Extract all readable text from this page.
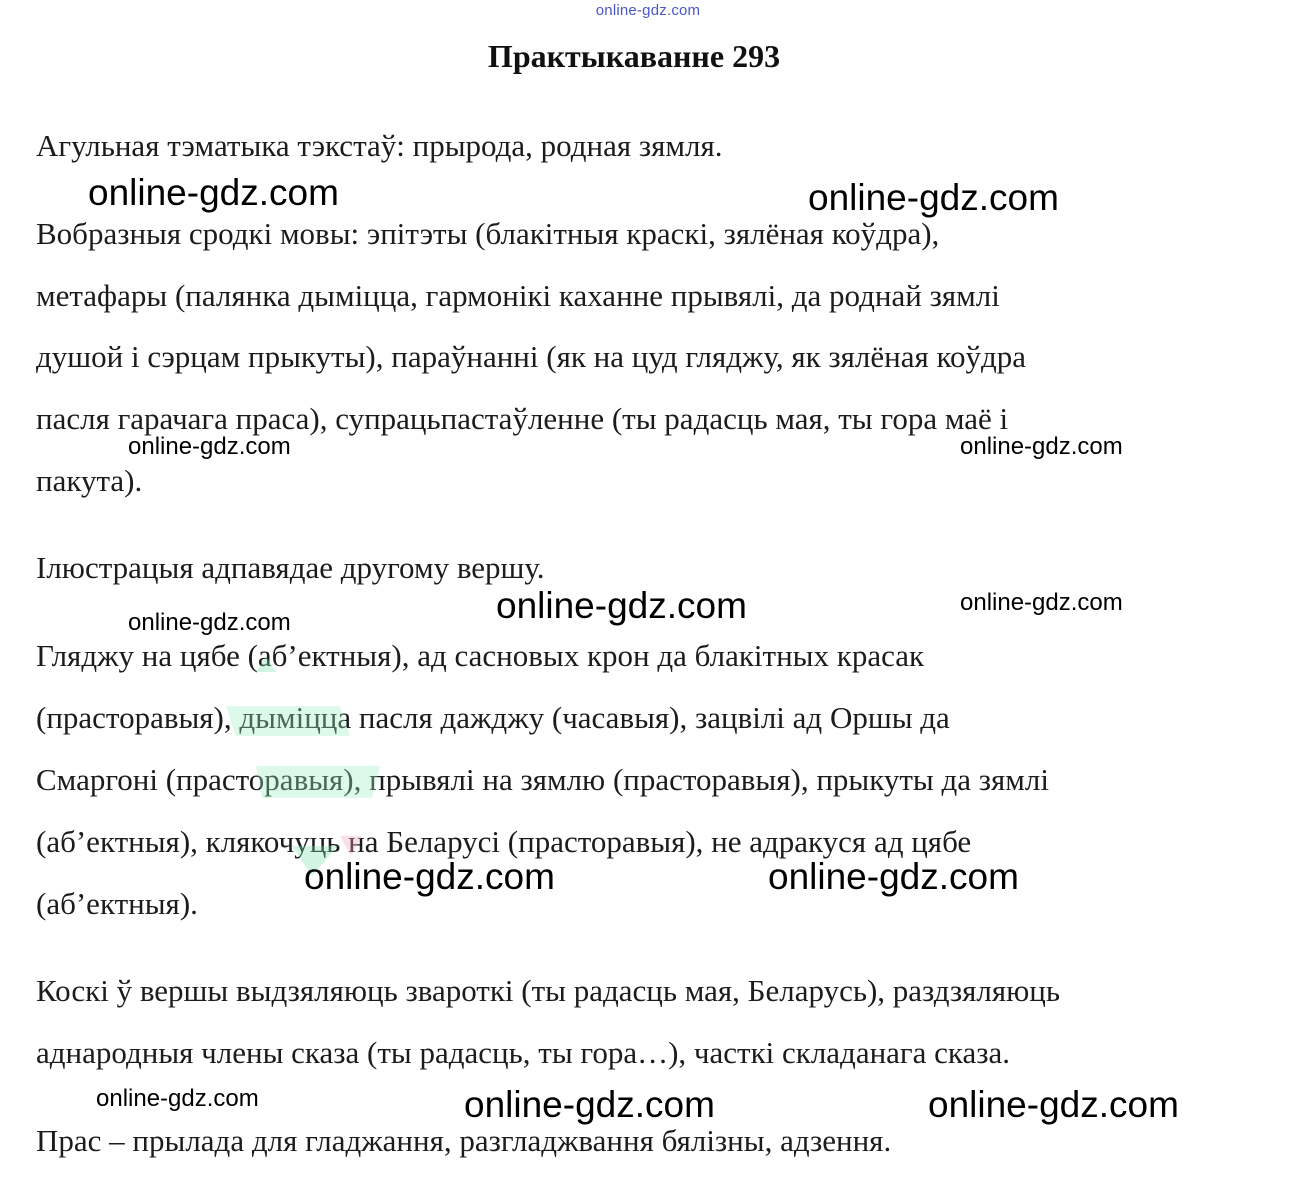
online-gdz.com
Практыкаванне 293
Агульная тэматыка тэкстаў: прырода, родная зямля.
Вобразныя сродкі мовы: эпітэты (блакітныя краскі, зялёная коўдра),
метафары (палянка дыміцца, гармонікі каханне прывялі, да роднай зямлі
душой і сэрцам прыкуты), параўнанні (як на цуд гляджу, як зялёная коўдра
пасля гарачага праса), супрацьпастаўленне (ты радасць мая, ты гора маё і
пакута).
Ілюстрацыя адпавядае другому вершу.
Гляджу на цябе (аб’ектныя), ад сасновых крон да блакітных красак
(прасторавыя), дыміцца пасля дажджу (часавыя), зацвілі ад Оршы да
Смаргоні (прасторавыя), прывялі на зямлю (прасторавыя), прыкуты да зямлі
(аб’ектныя), клякочуць на Беларусі (прасторавыя), не адракуся ад цябе
(аб’ектныя).
Коскі ў вершы выдзяляюць звароткі (ты радасць мая, Беларусь), раздзяляюць
аднародныя члены сказа (ты радасць, ты гора…), часткі складанага сказа.
Прас – прылада для гладжання, разгладжвання бялізны, адзення.
online-gdz.com	online-gdz.com
online-gdz.com	online-gdz.com
online-gdz.com	online-gdz.com
online-gdz.com
online-gdz.com	online-gdz.com
online-gdz.com	online-gdz.com	online-gdz.com
